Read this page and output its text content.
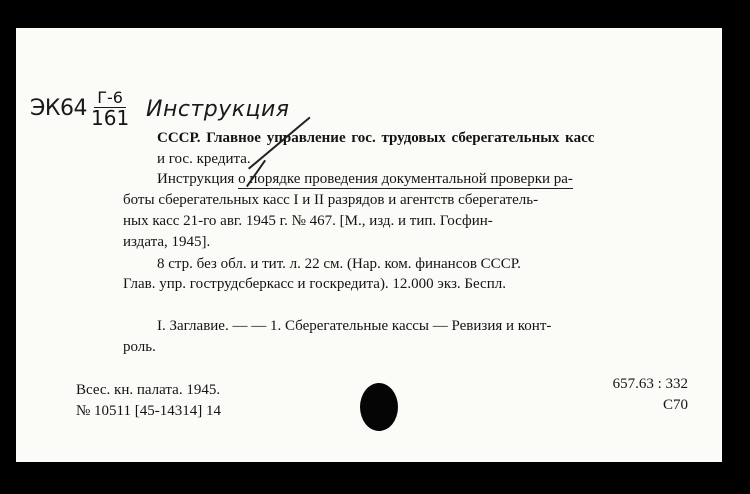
ЭК64 Г-6
161 Инструкция
СССР. Главное управление гос. трудовых сберегательных касс
и гос. кредита.
Инструкция о порядке проведения документальной проверки ра-
боты сберегательных касс I и II разрядов и агентств сберегатель-
ных касс 21-го авг. 1945 г. № 467. [М., изд. и тип. Госфин-
издата, 1945].
8 стр. без обл. и тит. л. 22 см. (Нар. ком. финансов СССР.
Глав. упр. гострудсберкасс и госкредита). 12.000 экз. Беспл.
I. Заглавие. — — 1. Сберегательные кассы — Ревизия и конт-
роль.
Всес. кн. палата. 1945.
№ 10511 [45-14314] 14
657.63 : 332
С70
